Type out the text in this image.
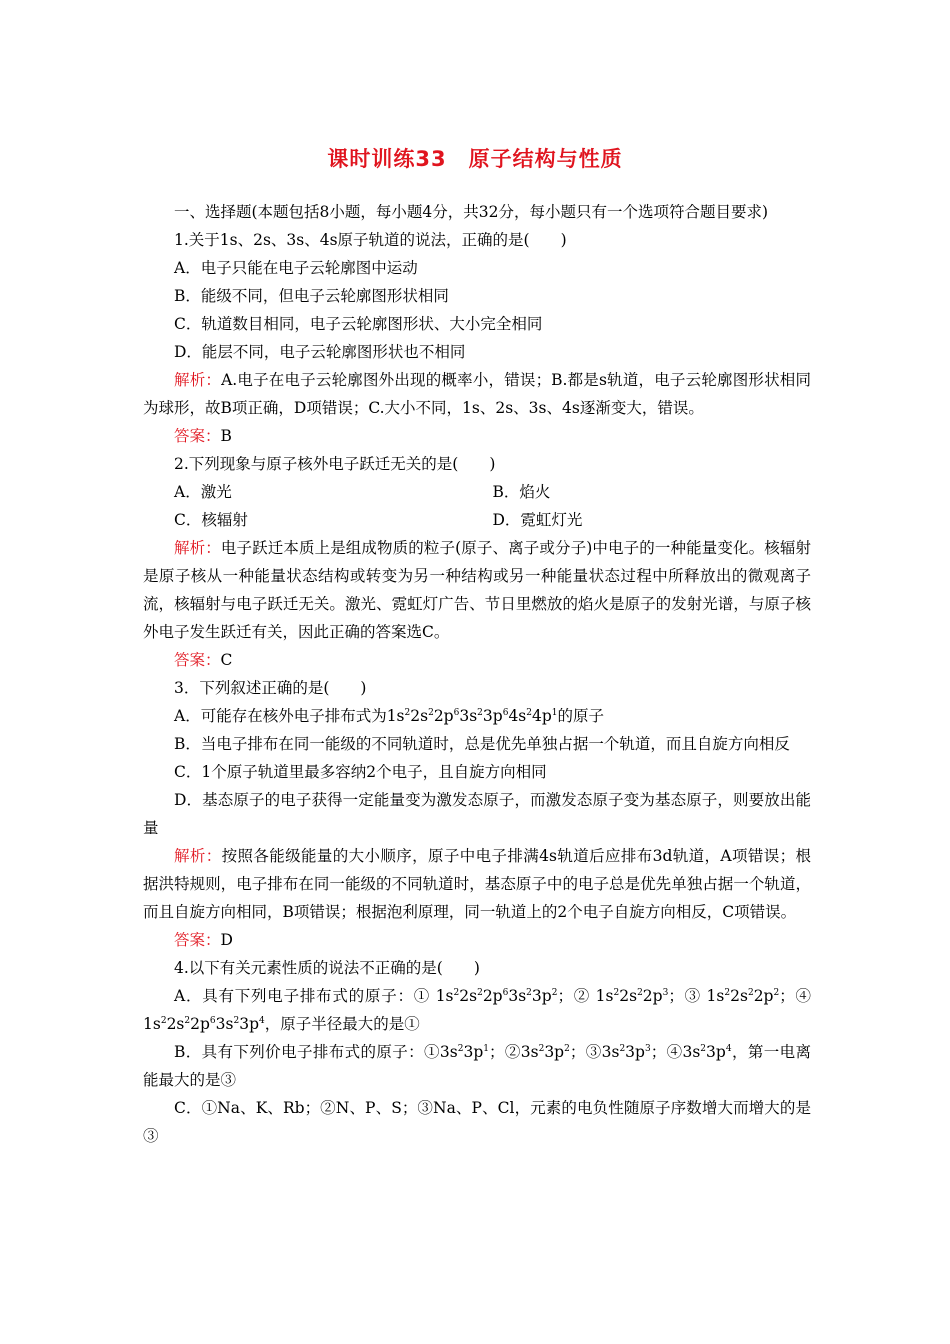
课时训练33　原子结构与性质

一、选择题(本题包括8小题，每小题4分，共32分，每小题只有一个选项符合题目要求)

1.关于1s、2s、3s、4s原子轨道的说法，正确的是(　　)

A．电子只能在电子云轮廓图中运动

B．能级不同，但电子云轮廓图形状相同

C．轨道数目相同，电子云轮廓图形状、大小完全相同

D．能层不同，电子云轮廓图形状也不相同

解析：A.电子在电子云轮廓图外出现的概率小，错误；B.都是s轨道，电子云轮廓图形状相同为球形，故B项正确，D项错误；C.大小不同，1s、2s、3s、4s逐渐变大，错误。

答案：B

2.下列现象与原子核外电子跃迁无关的是(　　)

A．激光	B．焰火
C．核辐射	D．霓虹灯光

解析：电子跃迁本质上是组成物质的粒子(原子、离子或分子)中电子的一种能量变化。核辐射是原子核从一种能量状态结构或转变为另一种结构或另一种能量状态过程中所释放出的微观离子流，核辐射与电子跃迁无关。激光、霓虹灯广告、节日里燃放的焰火是原子的发射光谱，与原子核外电子发生跃迁有关，因此正确的答案选C。

答案：C

3．下列叙述正确的是(　　)

A．可能存在核外电子排布式为$1s^22s^22p^63s^23p^64s^24p^1$的原子

B．当电子排布在同一能级的不同轨道时，总是优先单独占据一个轨道，而且自旋方向相反

C．1个原子轨道里最多容纳2个电子，且自旋方向相同

D．基态原子的电子获得一定能量变为激发态原子，而激发态原子变为基态原子，则要放出能量

解析：按照各能级能量的大小顺序，原子中电子排满4s轨道后应排布3d轨道，A项错误；根据洪特规则，电子排布在同一能级的不同轨道时，基态原子中的电子总是优先单独占据一个轨道，而且自旋方向相同，B项错误；根据泡利原理，同一轨道上的2个电子自旋方向相反，C项错误。

答案：D

4.以下有关元素性质的说法不正确的是(　　)

A．具有下列电子排布式的原子：① $1s^22s^22p^63s^23p^2$；② $1s^22s^22p^3$；③ $1s^22s^22p^2$；④ $1s^22s^22p^63s^23p^4$，原子半径最大的是①

B．具有下列价电子排布式的原子：$①3s^23p^1$；$②3s^23p^2$；$③3s^23p^3$；$④3s^23p^4$，第一电离能最大的是③

C．①Na、K、Rb；②N、P、S；③Na、P、Cl，元素的电负性随原子序数增大而增大的是③
